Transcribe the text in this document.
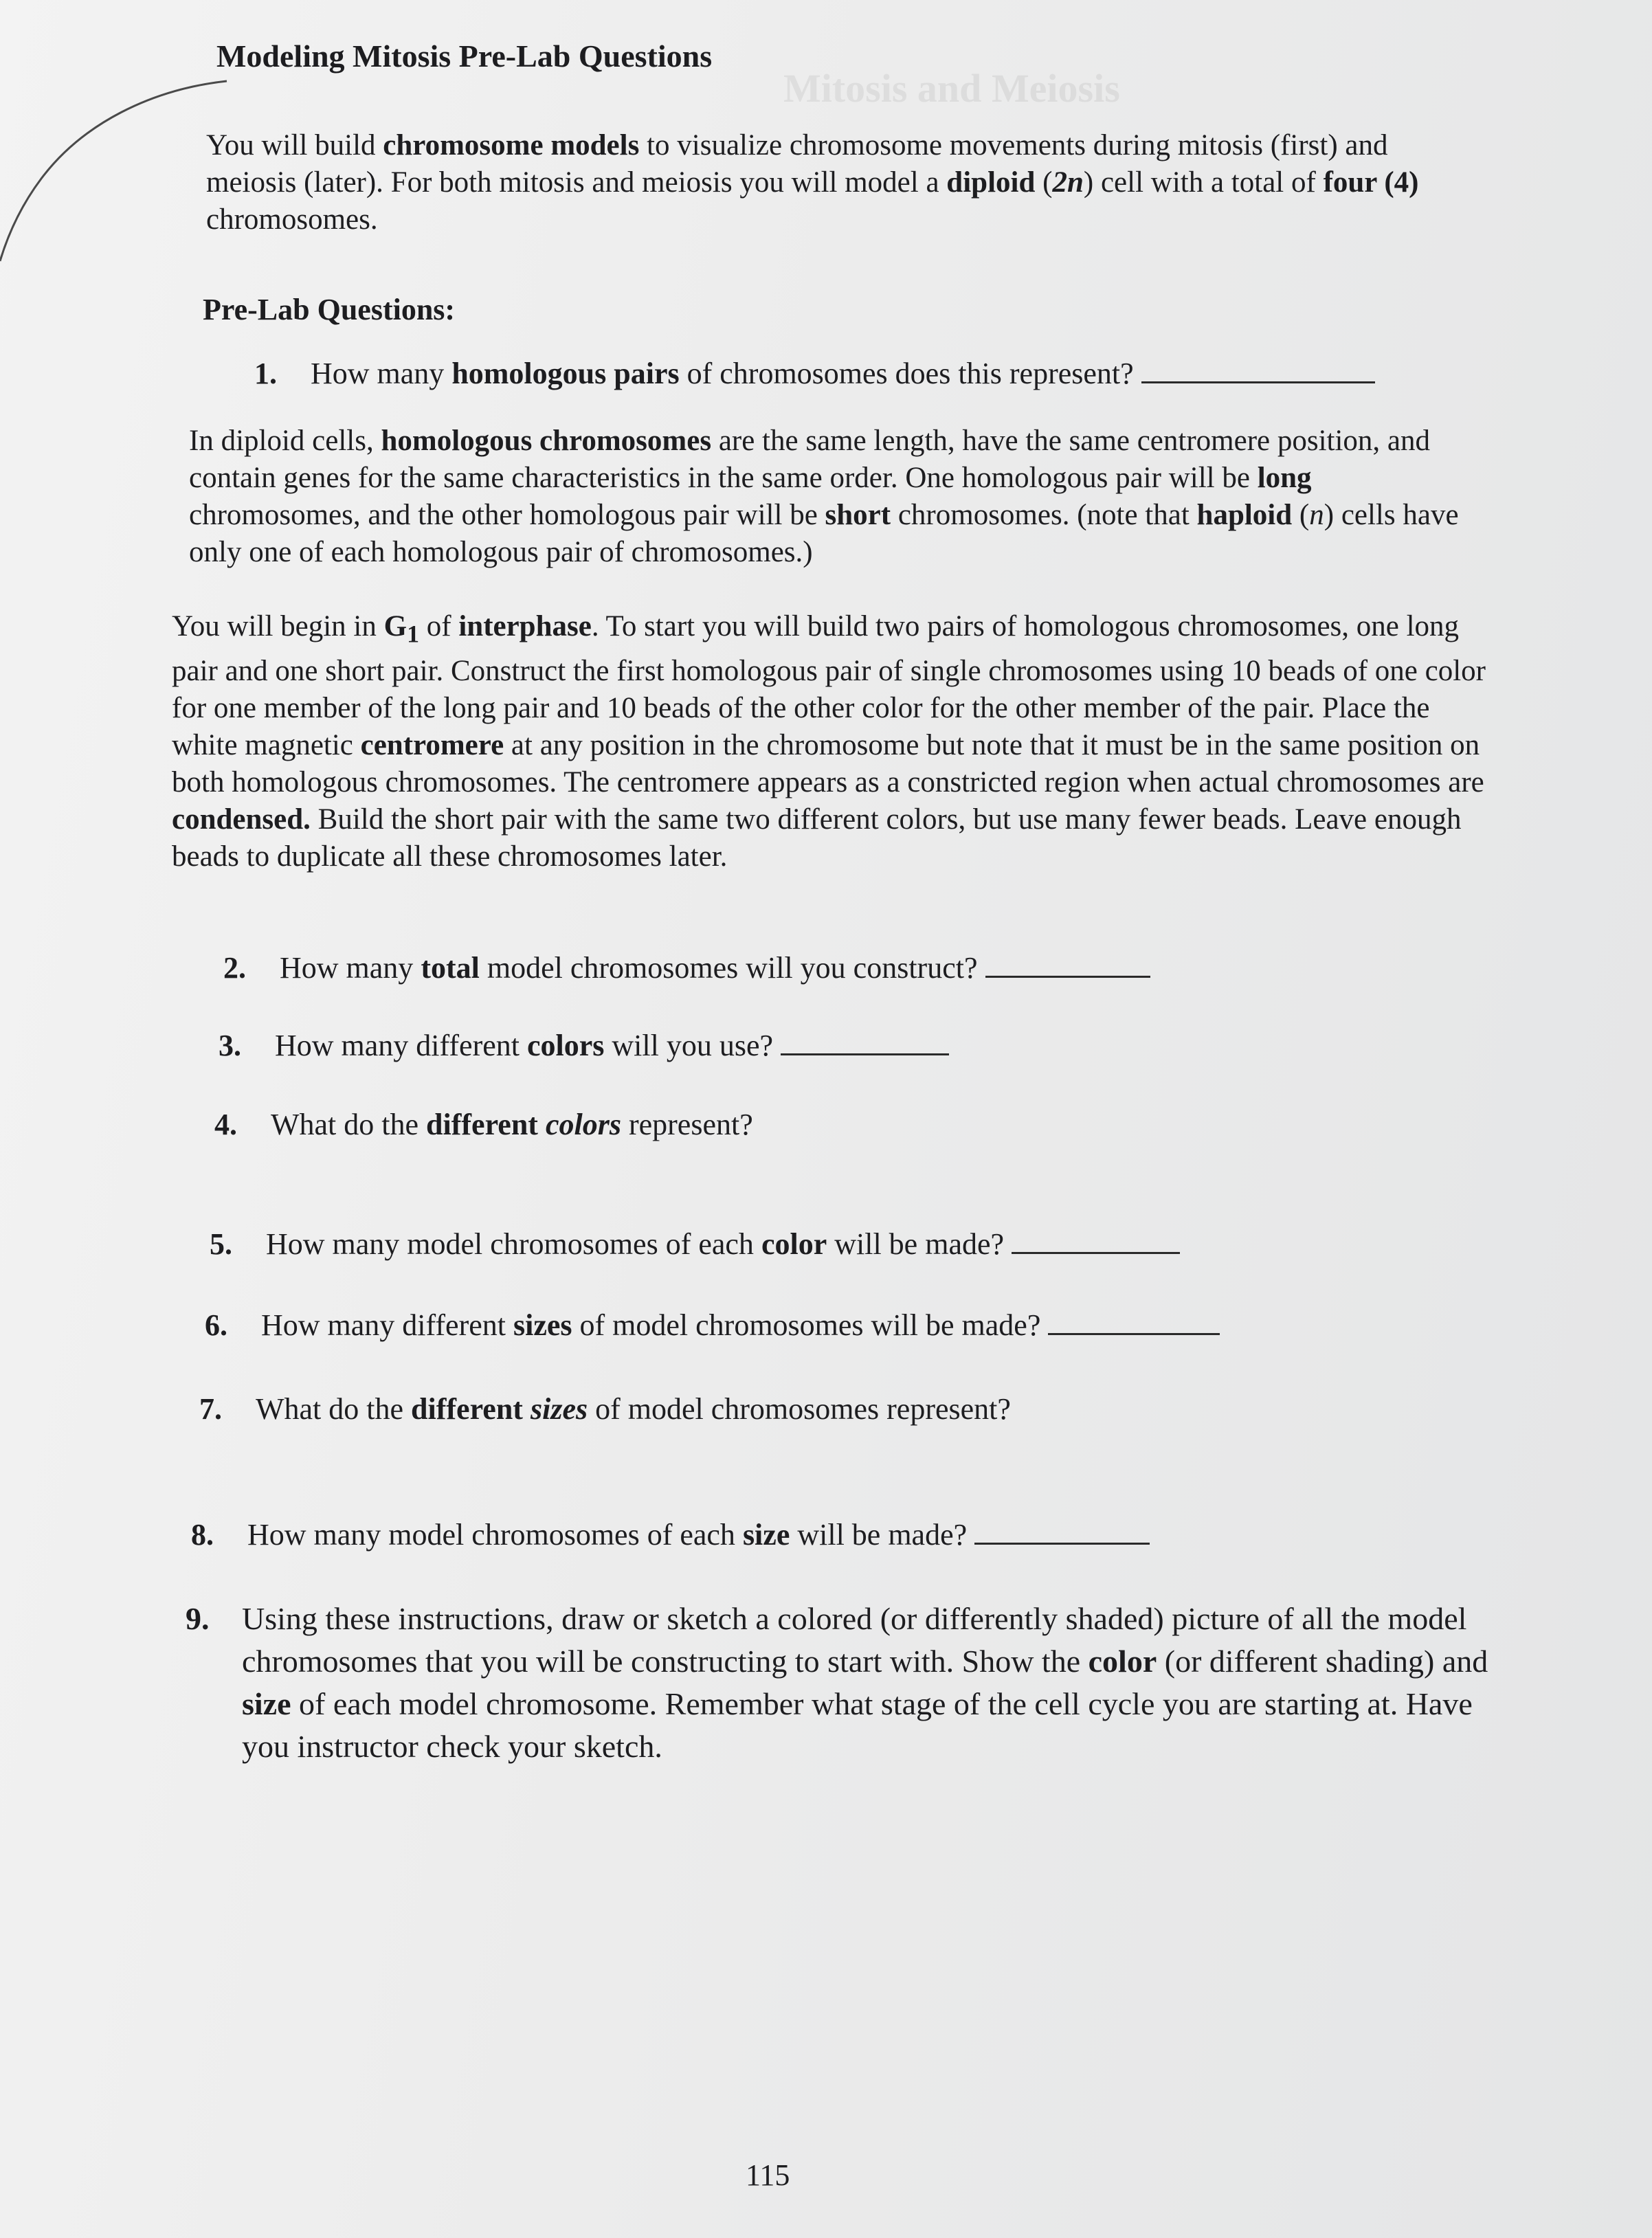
Mitosis and Meiosis
Modeling Mitosis Pre-Lab Questions

You will build chromosome models to visualize chromosome movements during mitosis (first) and meiosis (later). For both mitosis and meiosis you will model a diploid (2n) cell with a total of four (4) chromosomes.

Pre-Lab Questions:
1. How many homologous pairs of chromosomes does this represent?

In diploid cells, homologous chromosomes are the same length, have the same centromere position, and contain genes for the same characteristics in the same order. One homologous pair will be long chromosomes, and the other homologous pair will be short chromosomes. (note that haploid (n) cells have only one of each homologous pair of chromosomes.)

You will begin in $G_1$ of interphase. To start you will build two pairs of homologous chromosomes, one long pair and one short pair. Construct the first homologous pair of single chromosomes using 10 beads of one color for one member of the long pair and 10 beads of the other color for the other member of the pair. Place the white magnetic centromere at any position in the chromosome but note that it must be in the same position on both homologous chromosomes. The centromere appears as a constricted region when actual chromosomes are condensed. Build the short pair with the same two different colors, but use many fewer beads. Leave enough beads to duplicate all these chromosomes later.

2. How many total model chromosomes will you construct?
3. How many different colors will you use?
4. What do the different colors represent?
5. How many model chromosomes of each color will be made?
6. How many different sizes of model chromosomes will be made?
7. What do the different sizes of model chromosomes represent?
8. How many model chromosomes of each size will be made?
9. Using these instructions, draw or sketch a colored (or differently shaded) picture of all the model chromosomes that you will be constructing to start with. Show the color (or different shading) and size of each model chromosome. Remember what stage of the cell cycle you are starting at. Have you instructor check your sketch.
115
